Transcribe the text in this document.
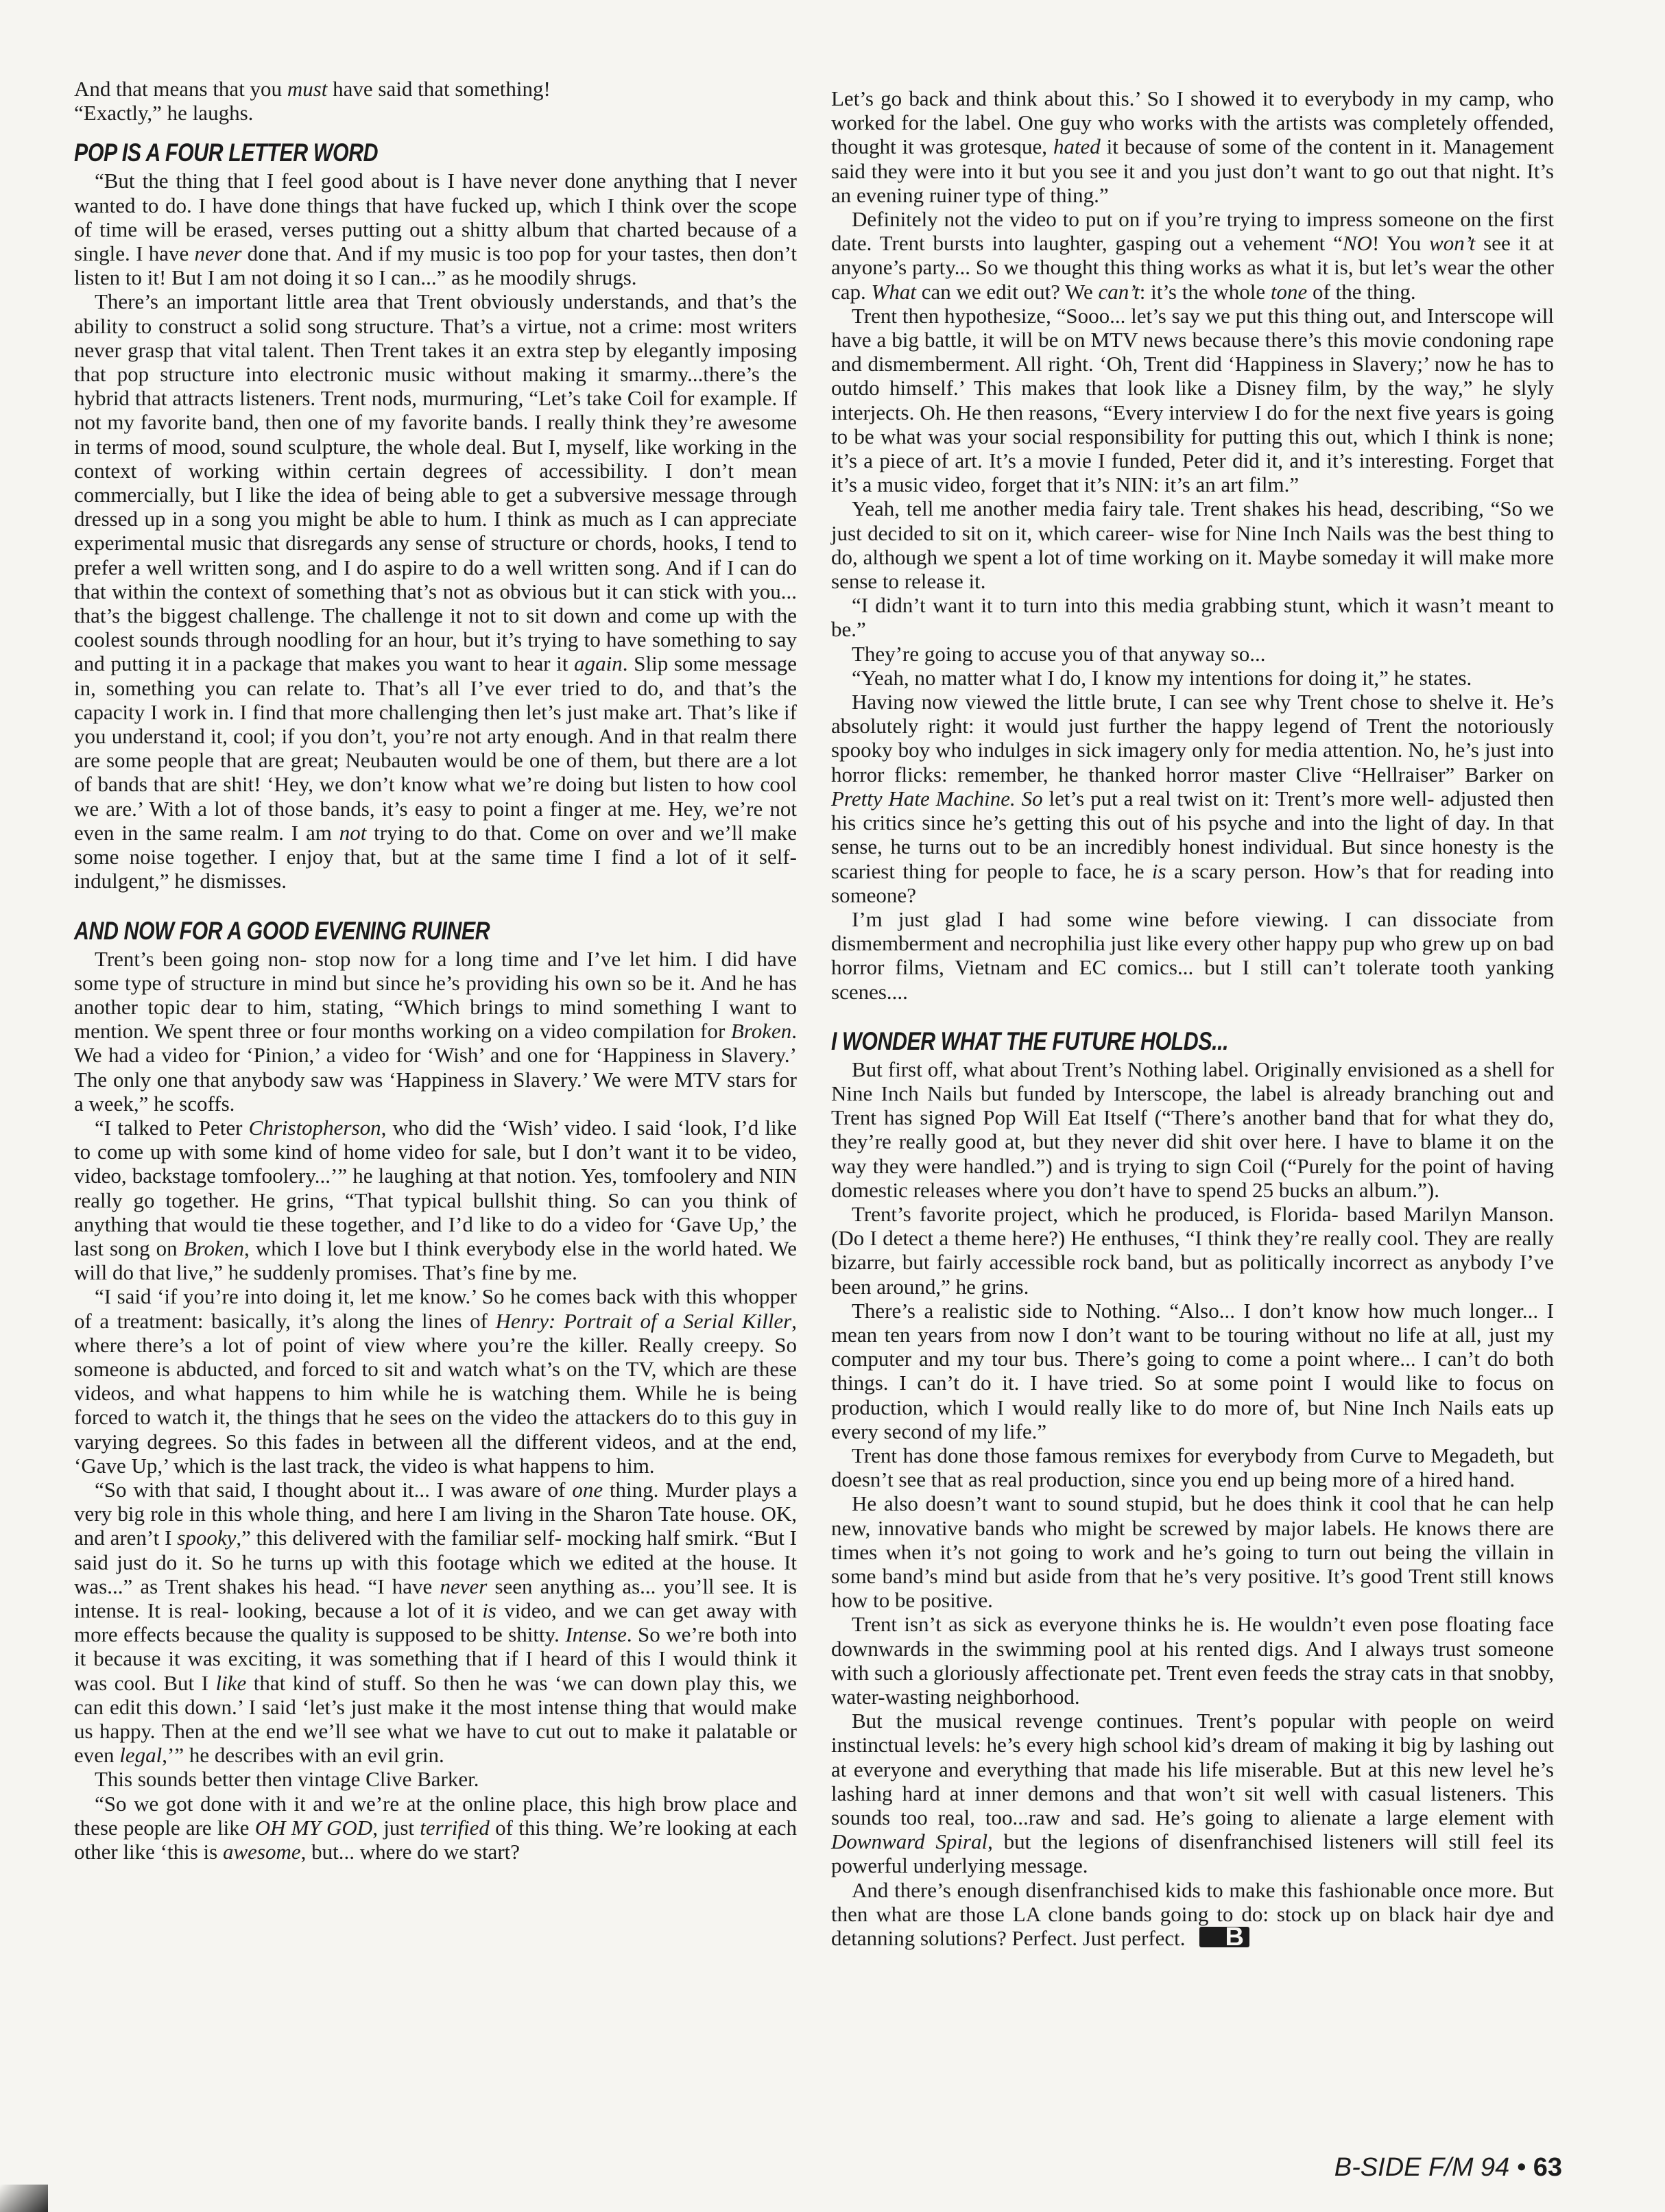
And that means that you must have said that something!

“Exactly,” he laughs.

POP IS A FOUR LETTER WORD

“But the thing that I feel good about is I have never done anything that I never wanted to do. I have done things that have fucked up, which I think over the scope of time will be erased, verses putting out a shitty album that charted because of a single. I have never done that. And if my music is too pop for your tastes, then don’t listen to it! But I am not doing it so I can...” as he moodily shrugs.

There’s an important little area that Trent obviously understands, and that’s the ability to construct a solid song structure. That’s a virtue, not a crime: most writers never grasp that vital talent. Then Trent takes it an extra step by elegantly imposing that pop structure into electronic music without making it smarmy...there’s the hybrid that attracts listeners. Trent nods, murmuring, “Let’s take Coil for example. If not my favorite band, then one of my favorite bands. I really think they’re awesome in terms of mood, sound sculpture, the whole deal. But I, myself, like working in the context of working within certain degrees of accessibility. I don’t mean commercially, but I like the idea of being able to get a subversive message through dressed up in a song you might be able to hum. I think as much as I can appreciate experimental music that disregards any sense of structure or chords, hooks, I tend to prefer a well written song, and I do aspire to do a well written song. And if I can do that within the context of something that’s not as obvious but it can stick with you... that’s the biggest challenge. The challenge it not to sit down and come up with the coolest sounds through noodling for an hour, but it’s trying to have something to say and putting it in a package that makes you want to hear it again. Slip some message in, something you can relate to. That’s all I’ve ever tried to do, and that’s the capacity I work in. I find that more challenging then let’s just make art. That’s like if you understand it, cool; if you don’t, you’re not arty enough. And in that realm there are some people that are great; Neubauten would be one of them, but there are a lot of bands that are shit! ‘Hey, we don’t know what we’re doing but listen to how cool we are.’ With a lot of those bands, it’s easy to point a finger at me. Hey, we’re not even in the same realm. I am not trying to do that. Come on over and we’ll make some noise together. I enjoy that, but at the same time I find a lot of it self- indulgent,” he dismisses.

AND NOW FOR A GOOD EVENING RUINER

Trent’s been going non- stop now for a long time and I’ve let him. I did have some type of structure in mind but since he’s providing his own so be it. And he has another topic dear to him, stating, “Which brings to mind something I want to mention. We spent three or four months working on a video compilation for Broken. We had a video for ‘Pinion,’ a video for ‘Wish’ and one for ‘Happiness in Slavery.’ The only one that anybody saw was ‘Happiness in Slavery.’ We were MTV stars for a week,” he scoffs.

“I talked to Peter Christopherson, who did the ‘Wish’ video. I said ‘look, I’d like to come up with some kind of home video for sale, but I don’t want it to be video, video, backstage tomfoolery...’” he laughing at that notion. Yes, tomfoolery and NIN really go together. He grins, “That typical bullshit thing. So can you think of anything that would tie these together, and I’d like to do a video for ‘Gave Up,’ the last song on Broken, which I love but I think everybody else in the world hated. We will do that live,” he suddenly promises. That’s fine by me.

“I said ‘if you’re into doing it, let me know.’ So he comes back with this whopper of a treatment: basically, it’s along the lines of Henry: Portrait of a Serial Killer, where there’s a lot of point of view where you’re the killer. Really creepy. So someone is abducted, and forced to sit and watch what’s on the TV, which are these videos, and what happens to him while he is watching them. While he is being forced to watch it, the things that he sees on the video the attackers do to this guy in varying degrees. So this fades in between all the different videos, and at the end, ‘Gave Up,’ which is the last track, the video is what happens to him.

“So with that said, I thought about it... I was aware of one thing. Murder plays a very big role in this whole thing, and here I am living in the Sharon Tate house. OK, and aren’t I spooky,” this delivered with the familiar self- mocking half smirk. “But I said just do it. So he turns up with this footage which we edited at the house. It was...” as Trent shakes his head. “I have never seen anything as... you’ll see. It is intense. It is real- looking, because a lot of it is video, and we can get away with more effects because the quality is supposed to be shitty. Intense. So we’re both into it because it was exciting, it was something that if I heard of this I would think it was cool. But I like that kind of stuff. So then he was ‘we can down play this, we can edit this down.’ I said ‘let’s just make it the most intense thing that would make us happy. Then at the end we’ll see what we have to cut out to make it palatable or even legal,’” he describes with an evil grin.

This sounds better then vintage Clive Barker.

“So we got done with it and we’re at the online place, this high brow place and these people are like OH MY GOD, just terrified of this thing. We’re looking at each other like ‘this is awesome, but... where do we start?

Let’s go back and think about this.’ So I showed it to everybody in my camp, who worked for the label. One guy who works with the artists was completely offended, thought it was grotesque, hated it because of some of the content in it. Management said they were into it but you see it and you just don’t want to go out that night. It’s an evening ruiner type of thing.”

Definitely not the video to put on if you’re trying to impress someone on the first date. Trent bursts into laughter, gasping out a vehement “NO! You won’t see it at anyone’s party... So we thought this thing works as what it is, but let’s wear the other cap. What can we edit out? We can’t: it’s the whole tone of the thing.

Trent then hypothesize, “Sooo... let’s say we put this thing out, and Interscope will have a big battle, it will be on MTV news because there’s this movie condoning rape and dismemberment. All right. ‘Oh, Trent did ‘Happiness in Slavery;’ now he has to outdo himself.’ This makes that look like a Disney film, by the way,” he slyly interjects. Oh. He then reasons, “Every interview I do for the next five years is going to be what was your social responsibility for putting this out, which I think is none; it’s a piece of art. It’s a movie I funded, Peter did it, and it’s interesting. Forget that it’s a music video, forget that it’s NIN: it’s an art film.”

Yeah, tell me another media fairy tale. Trent shakes his head, describing, “So we just decided to sit on it, which career- wise for Nine Inch Nails was the best thing to do, although we spent a lot of time working on it. Maybe someday it will make more sense to release it.

“I didn’t want it to turn into this media grabbing stunt, which it wasn’t meant to be.”

They’re going to accuse you of that anyway so...

“Yeah, no matter what I do, I know my intentions for doing it,” he states.

Having now viewed the little brute, I can see why Trent chose to shelve it. He’s absolutely right: it would just further the happy legend of Trent the notoriously spooky boy who indulges in sick imagery only for media attention. No, he’s just into horror flicks: remember, he thanked horror master Clive “Hellraiser” Barker on Pretty Hate Machine. So let’s put a real twist on it: Trent’s more well- adjusted then his critics since he’s getting this out of his psyche and into the light of day. In that sense, he turns out to be an incredibly honest individual. But since honesty is the scariest thing for people to face, he is a scary person. How’s that for reading into someone?

I’m just glad I had some wine before viewing. I can dissociate from dismemberment and necrophilia just like every other happy pup who grew up on bad horror films, Vietnam and EC comics... but I still can’t tolerate tooth yanking scenes....

I WONDER WHAT THE FUTURE HOLDS...

But first off, what about Trent’s Nothing label. Originally envisioned as a shell for Nine Inch Nails but funded by Interscope, the label is already branching out and Trent has signed Pop Will Eat Itself (“There’s another band that for what they do, they’re really good at, but they never did shit over here. I have to blame it on the way they were handled.”) and is trying to sign Coil (“Purely for the point of having domestic releases where you don’t have to spend 25 bucks an album.”).

Trent’s favorite project, which he produced, is Florida- based Marilyn Manson. (Do I detect a theme here?) He enthuses, “I think they’re really cool. They are really bizarre, but fairly accessible rock band, but as politically incorrect as anybody I’ve been around,” he grins.

There’s a realistic side to Nothing. “Also... I don’t know how much longer... I mean ten years from now I don’t want to be touring without no life at all, just my computer and my tour bus. There’s going to come a point where... I can’t do both things. I can’t do it. I have tried. So at some point I would like to focus on production, which I would really like to do more of, but Nine Inch Nails eats up every second of my life.”

Trent has done those famous remixes for everybody from Curve to Megadeth, but doesn’t see that as real production, since you end up being more of a hired hand.

He also doesn’t want to sound stupid, but he does think it cool that he can help new, innovative bands who might be screwed by major labels. He knows there are times when it’s not going to work and he’s going to turn out being the villain in some band’s mind but aside from that he’s very positive. It’s good Trent still knows how to be positive.

Trent isn’t as sick as everyone thinks he is. He wouldn’t even pose floating face downwards in the swimming pool at his rented digs. And I always trust someone with such a gloriously affectionate pet. Trent even feeds the stray cats in that snobby, water-wasting neighborhood.

But the musical revenge continues. Trent’s popular with people on weird instinctual levels: he’s every high school kid’s dream of making it big by lashing out at everyone and everything that made his life miserable. But at this new level he’s lashing hard at inner demons and that won’t sit well with casual listeners. This sounds too real, too...raw and sad. He’s going to alienate a large element with Downward Spiral, but the legions of disenfranchised listeners will still feel its powerful underlying message.

And there’s enough disenfranchised kids to make this fashionable once more. But then what are those LA clone bands going to do: stock up on black hair dye and detanning solutions? Perfect. Just perfect. B

B-SIDE F/M 94 • 63
